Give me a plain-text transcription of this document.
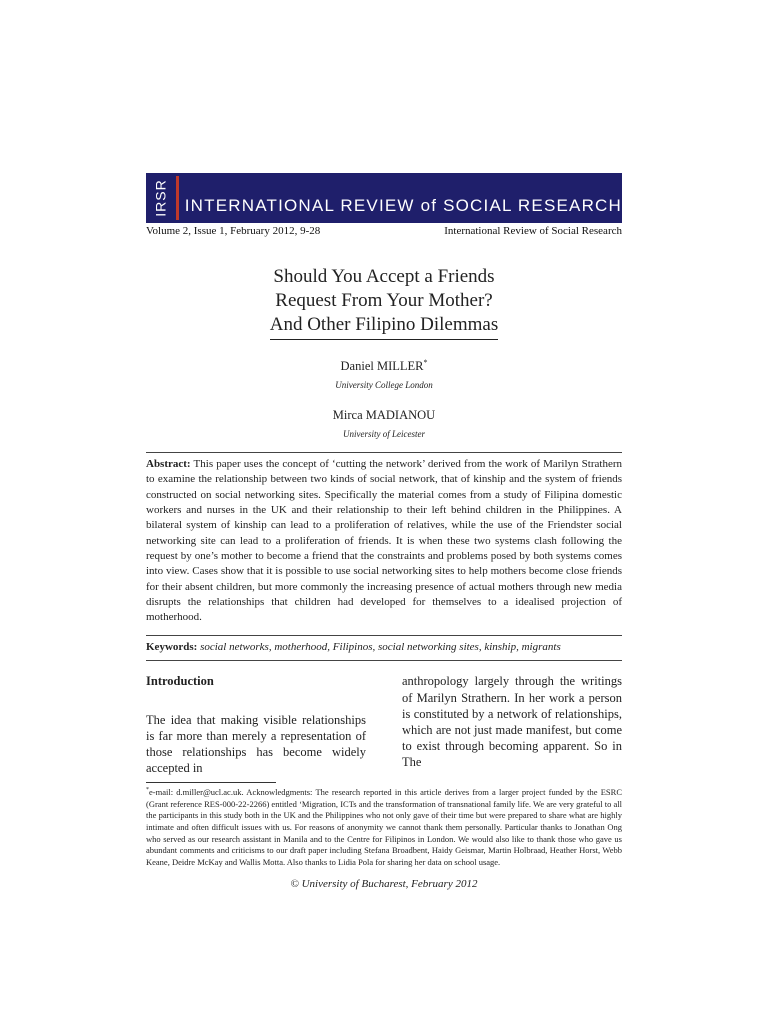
IRSR INTERNATIONAL REVIEW of SOCIAL RESEARCH
Volume 2, Issue 1, February 2012, 9-28	International Review of Social Research
Should You Accept a Friends
Request From Your Mother?
And Other Filipino Dilemmas
Daniel MILLER*
University College London
Mirca MADIANOU
University of Leicester
Abstract: This paper uses the concept of ‘cutting the network’ derived from the work of Marilyn Strathern to examine the relationship between two kinds of social network, that of kinship and the system of friends constructed on social networking sites. Specifically the material comes from a study of Filipina domestic workers and nurses in the UK and their relationship to their left behind children in the Philippines. A bilateral system of kinship can lead to a proliferation of relatives, while the use of the Friendster social networking site can lead to a proliferation of friends. It is when these two systems clash following the request by one’s mother to become a friend that the constraints and problems posed by both systems comes into view. Cases show that it is possible to use social networking sites to help mothers become close friends for their absent children, but more commonly the increasing presence of actual mothers through new media disrupts the relationships that children had developed for themselves to a idealised projection of motherhood.
Keywords: social networks, motherhood, Filipinos, social networking sites, kinship, migrants
Introduction
The idea that making visible relationships is far more than merely a representation of those relationships has become widely accepted in
anthropology largely through the writings of Marilyn Strathern. In her work a person is constituted by a network of relationships, which are not just made manifest, but come to exist through becoming apparent. So in The
*e-mail: d.miller@ucl.ac.uk. Acknowledgments: The research reported in this article derives from a larger project funded by the ESRC (Grant reference RES-000-22-2266) entitled ‘Migration, ICTs and the transformation of transnational family life. We are very grateful to all the participants in this study both in the UK and the Philippines who not only gave of their time but were prepared to share what are highly intimate and often difficult issues with us. For reasons of anonymity we cannot thank them personally. Particular thanks to Jonathan Ong who served as our research assistant in Manila and to the Centre for Filipinos in London. We would also like to thank those who gave us abundant comments and criticisms to our draft paper including Stefana Broadbent, Haidy Geismar, Martin Holbraad, Heather Horst, Webb Keane, Deidre McKay and Wallis Motta. Also thanks to Lidia Pola for sharing her data on school usage.
© University of Bucharest, February 2012
